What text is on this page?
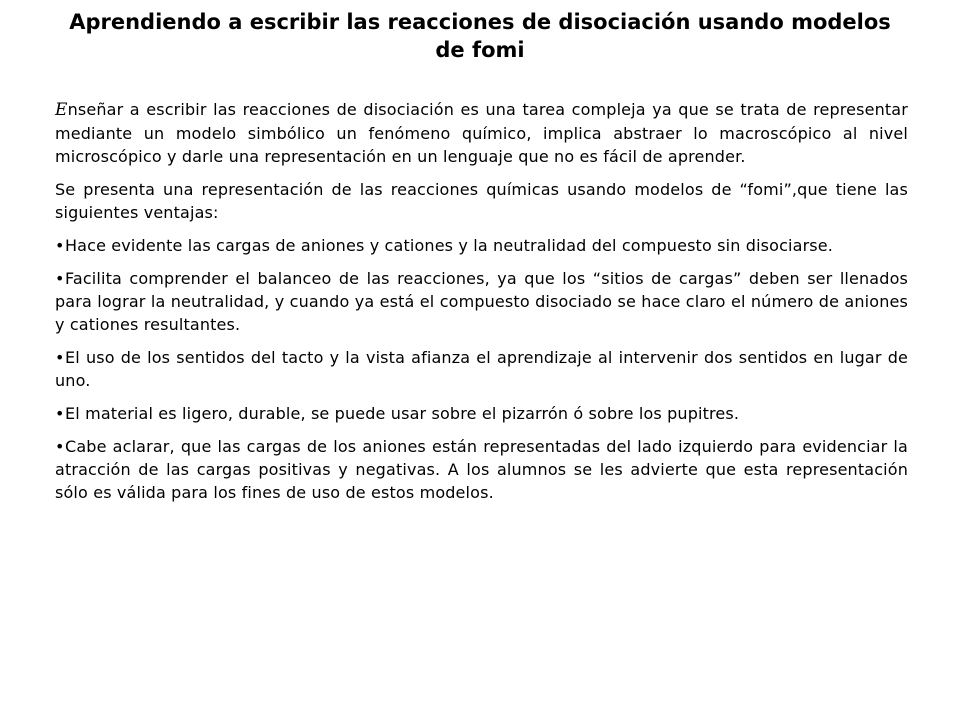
Aprendiendo a escribir las reacciones de disociación usando modelos de fomi

Enseñar a escribir las reacciones de disociación es una tarea compleja ya que se trata de representar mediante un modelo simbólico un fenómeno químico, implica abstraer lo macroscópico al nivel microscópico y darle una representación en un lenguaje que no es fácil de aprender.

Se presenta una representación de las reacciones químicas usando modelos de “fomi”,que tiene las siguientes ventajas:

•Hace evidente las cargas de aniones y cationes y la neutralidad del compuesto sin disociarse.

•Facilita comprender el balanceo de las reacciones, ya que los “sitios de cargas” deben ser llenados para lograr la neutralidad, y cuando ya está el compuesto disociado se hace claro el número de aniones y cationes resultantes.

•El uso de los sentidos del tacto y la vista afianza el aprendizaje al intervenir dos sentidos en lugar de uno.

•El material es ligero, durable, se puede usar sobre el pizarrón ó sobre los pupitres.

•Cabe aclarar, que las cargas de los aniones están representadas del lado izquierdo para evidenciar la atracción de las cargas positivas y negativas. A los alumnos se les advierte que esta representación sólo es válida para los fines de uso de estos modelos.
